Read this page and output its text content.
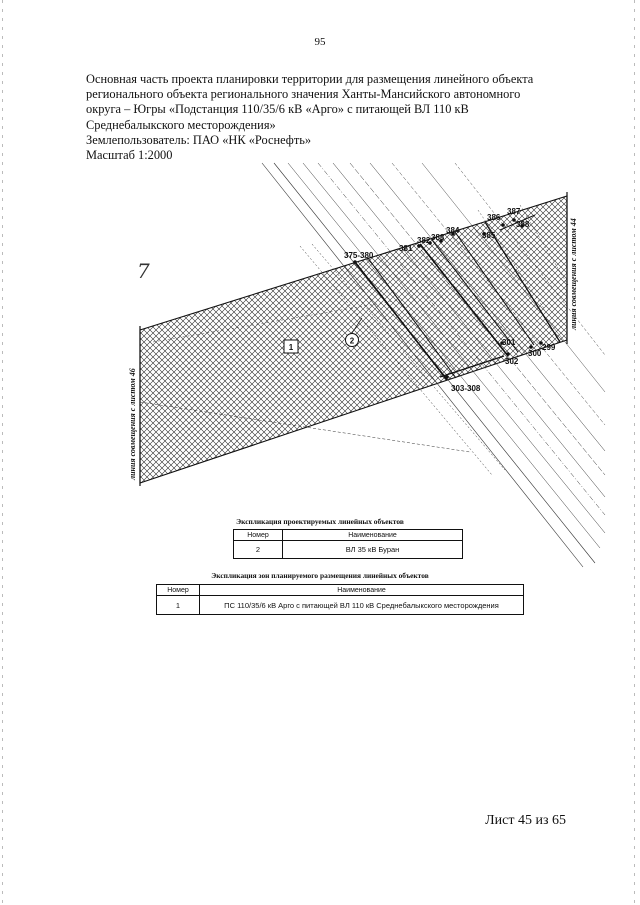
95
Основная часть проекта планировки территории для размещения линейного объекта
регионального объекта регионального значения Ханты-Мансийского автономного
округа – Югры «Подстанция 110/35/6 кВ «Арго» с питающей ВЛ 110 кВ
Среднебалыкского месторождения»
Землепользователь: ПАО «НК «Роснефть»
Масштаб 1:2000
375-380
381
382 383
384
385
386
387
388
299
300
301
302
303-308
1
2
линия совмещения с листом 46
линия совмещения с листом 44
7
Экспликация проектируемых линейных объектов
Номер	Наименование
2	ВЛ 35 кВ Буран
Экспликация зон планируемого размещения линейных объектов
Номер	Наименование
1	ПС 110/35/6 кВ Арго с питающей ВЛ 110 кВ Среднебалыкского месторождения
Лист 45 из 65
